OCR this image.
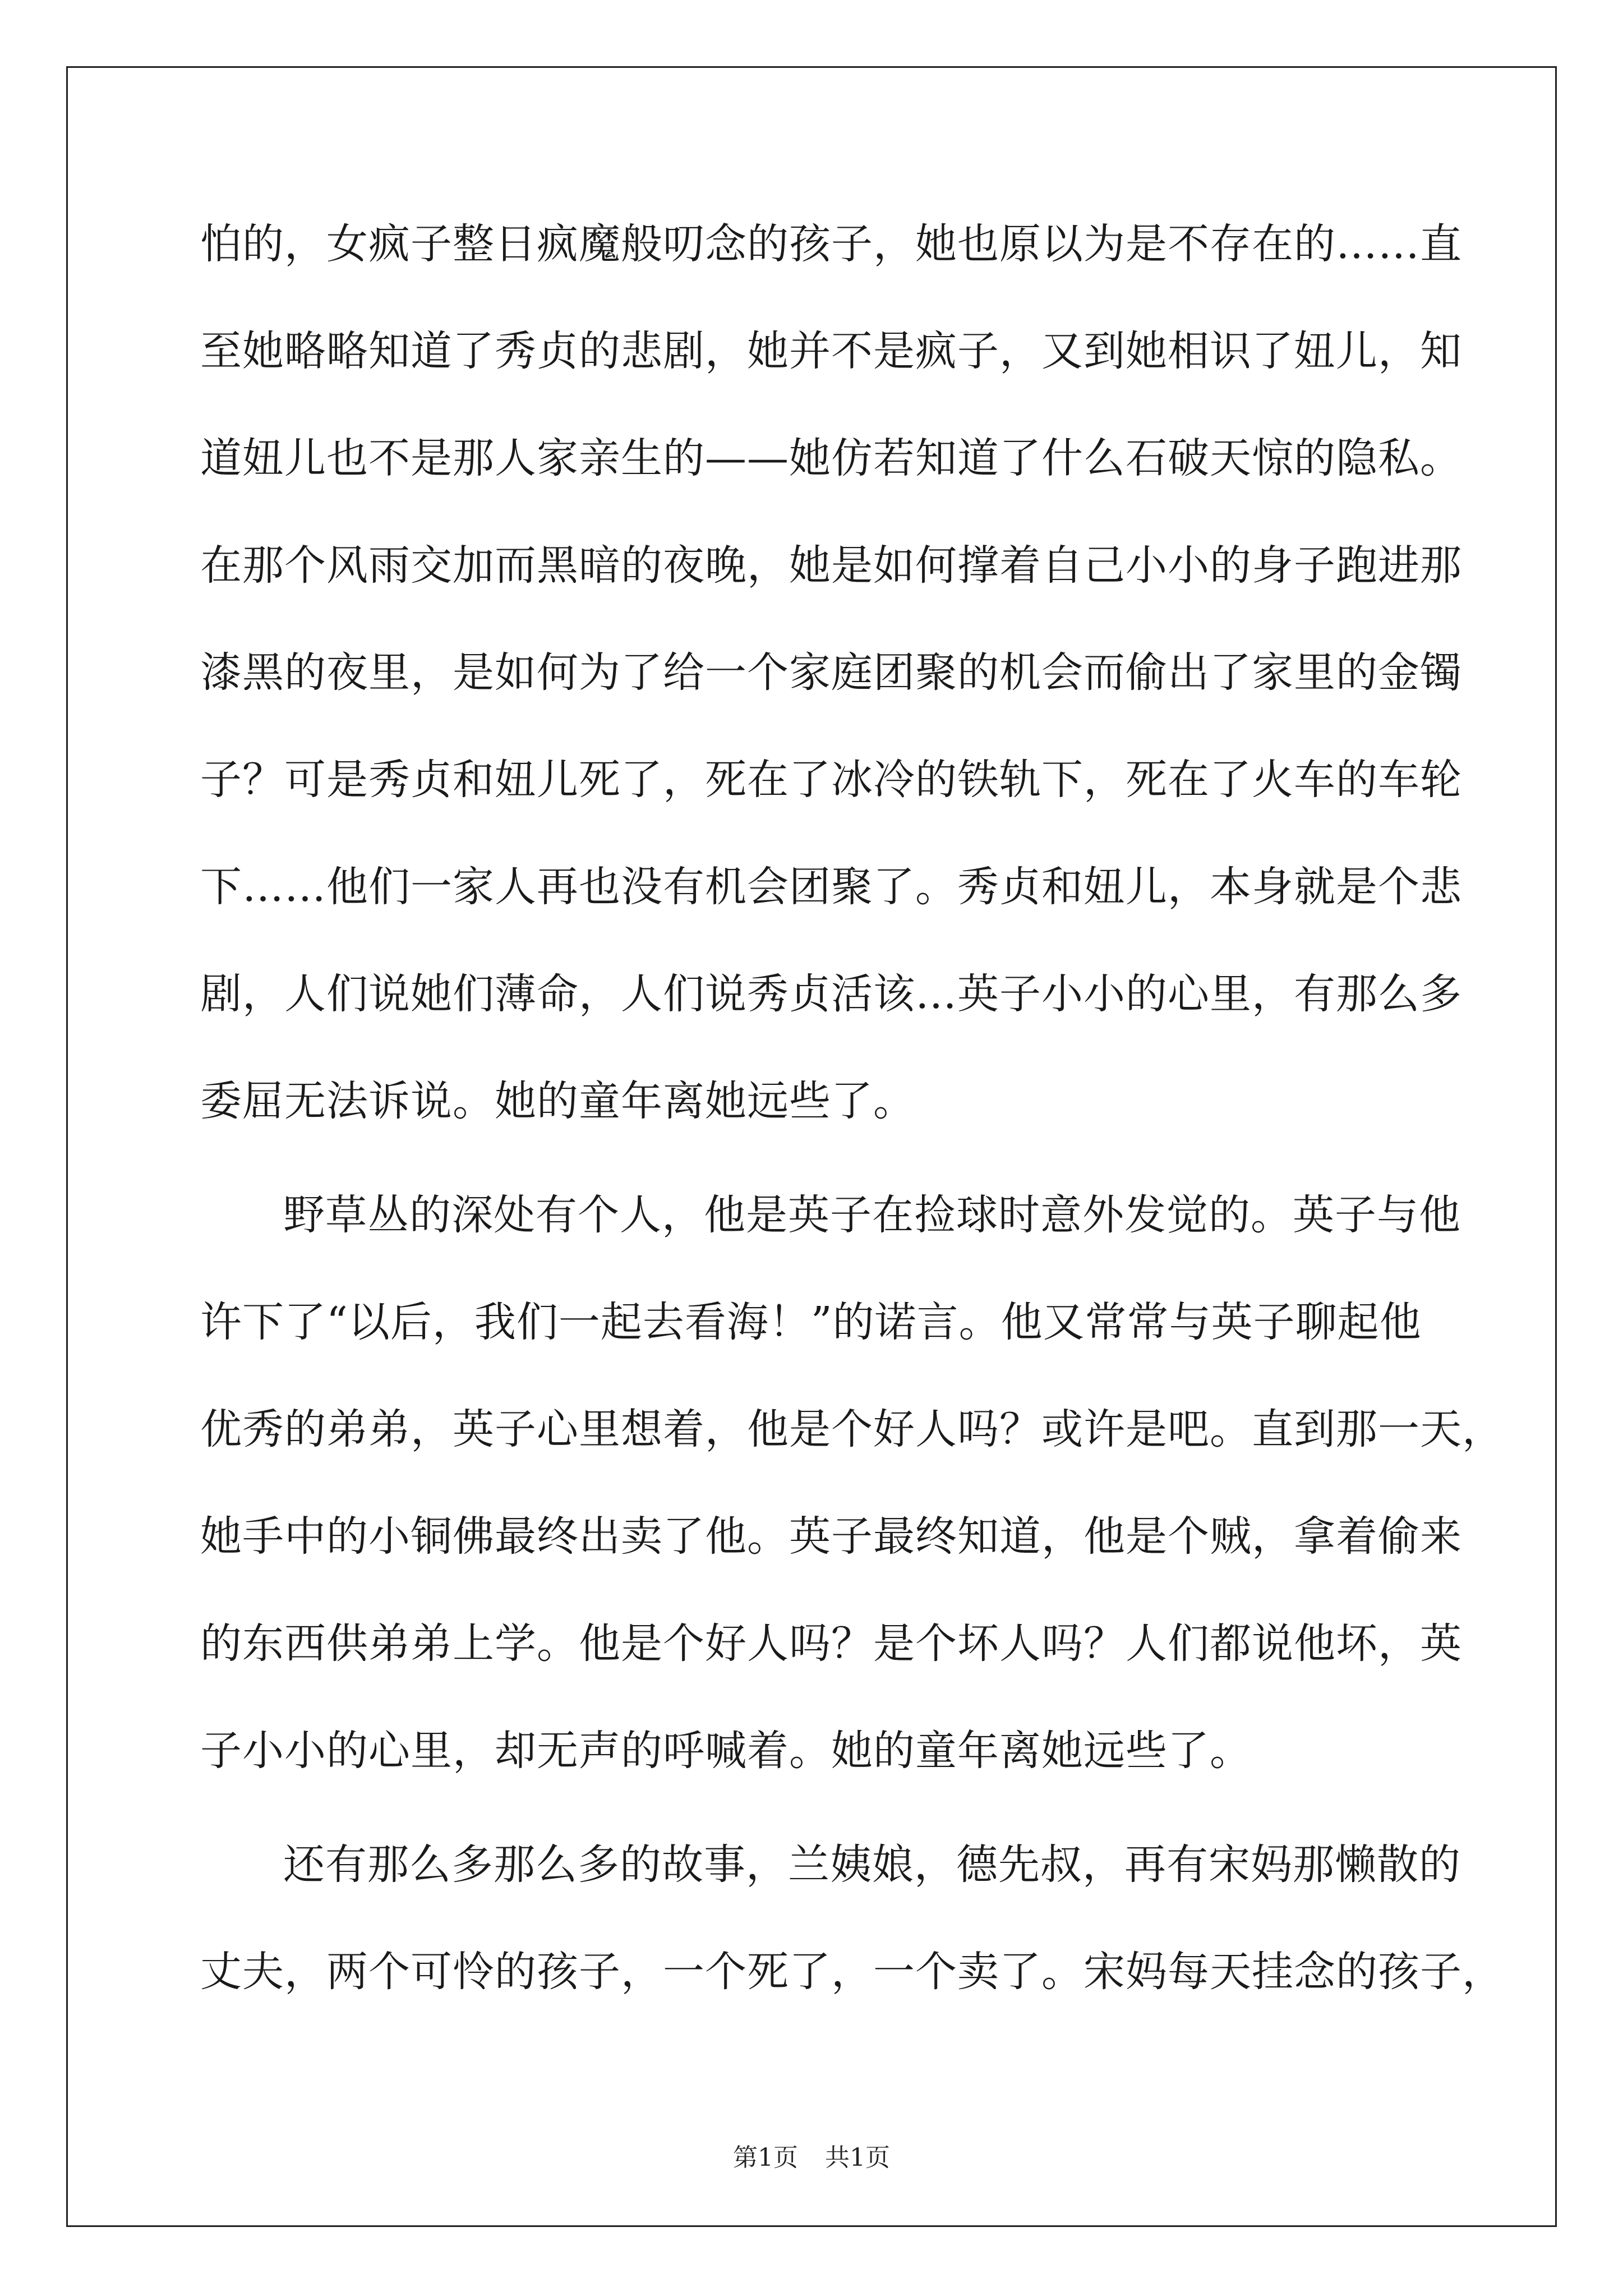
怕的，女疯子整日疯魔般叨念的孩子，她也原以为是不存在的……直
至她略略知道了秀贞的悲剧，她并不是疯子，又到她相识了妞儿，知
道妞儿也不是那人家亲生的——她仿若知道了什么石破天惊的隐私。
在那个风雨交加而黑暗的夜晚，她是如何撑着自己小小的身子跑进那
漆黑的夜里，是如何为了给一个家庭团聚的机会而偷出了家里的金镯
子？可是秀贞和妞儿死了，死在了冰冷的铁轨下，死在了火车的车轮
下……他们一家人再也没有机会团聚了。秀贞和妞儿，本身就是个悲
剧，人们说她们薄命，人们说秀贞活该…英子小小的心里，有那么多
委屈无法诉说。她的童年离她远些了。
野草丛的深处有个人，他是英子在捡球时意外发觉的。英子与他
许下了“以后，我们一起去看海！”的诺言。他又常常与英子聊起他
优秀的弟弟，英子心里想着，他是个好人吗？或许是吧。直到那一天，
她手中的小铜佛最终出卖了他。英子最终知道，他是个贼，拿着偷来
的东西供弟弟上学。他是个好人吗？是个坏人吗？人们都说他坏，英
子小小的心里，却无声的呼喊着。她的童年离她远些了。
还有那么多那么多的故事，兰姨娘，德先叔，再有宋妈那懒散的
丈夫，两个可怜的孩子，一个死了，一个卖了。宋妈每天挂念的孩子，
第1页 共1页
